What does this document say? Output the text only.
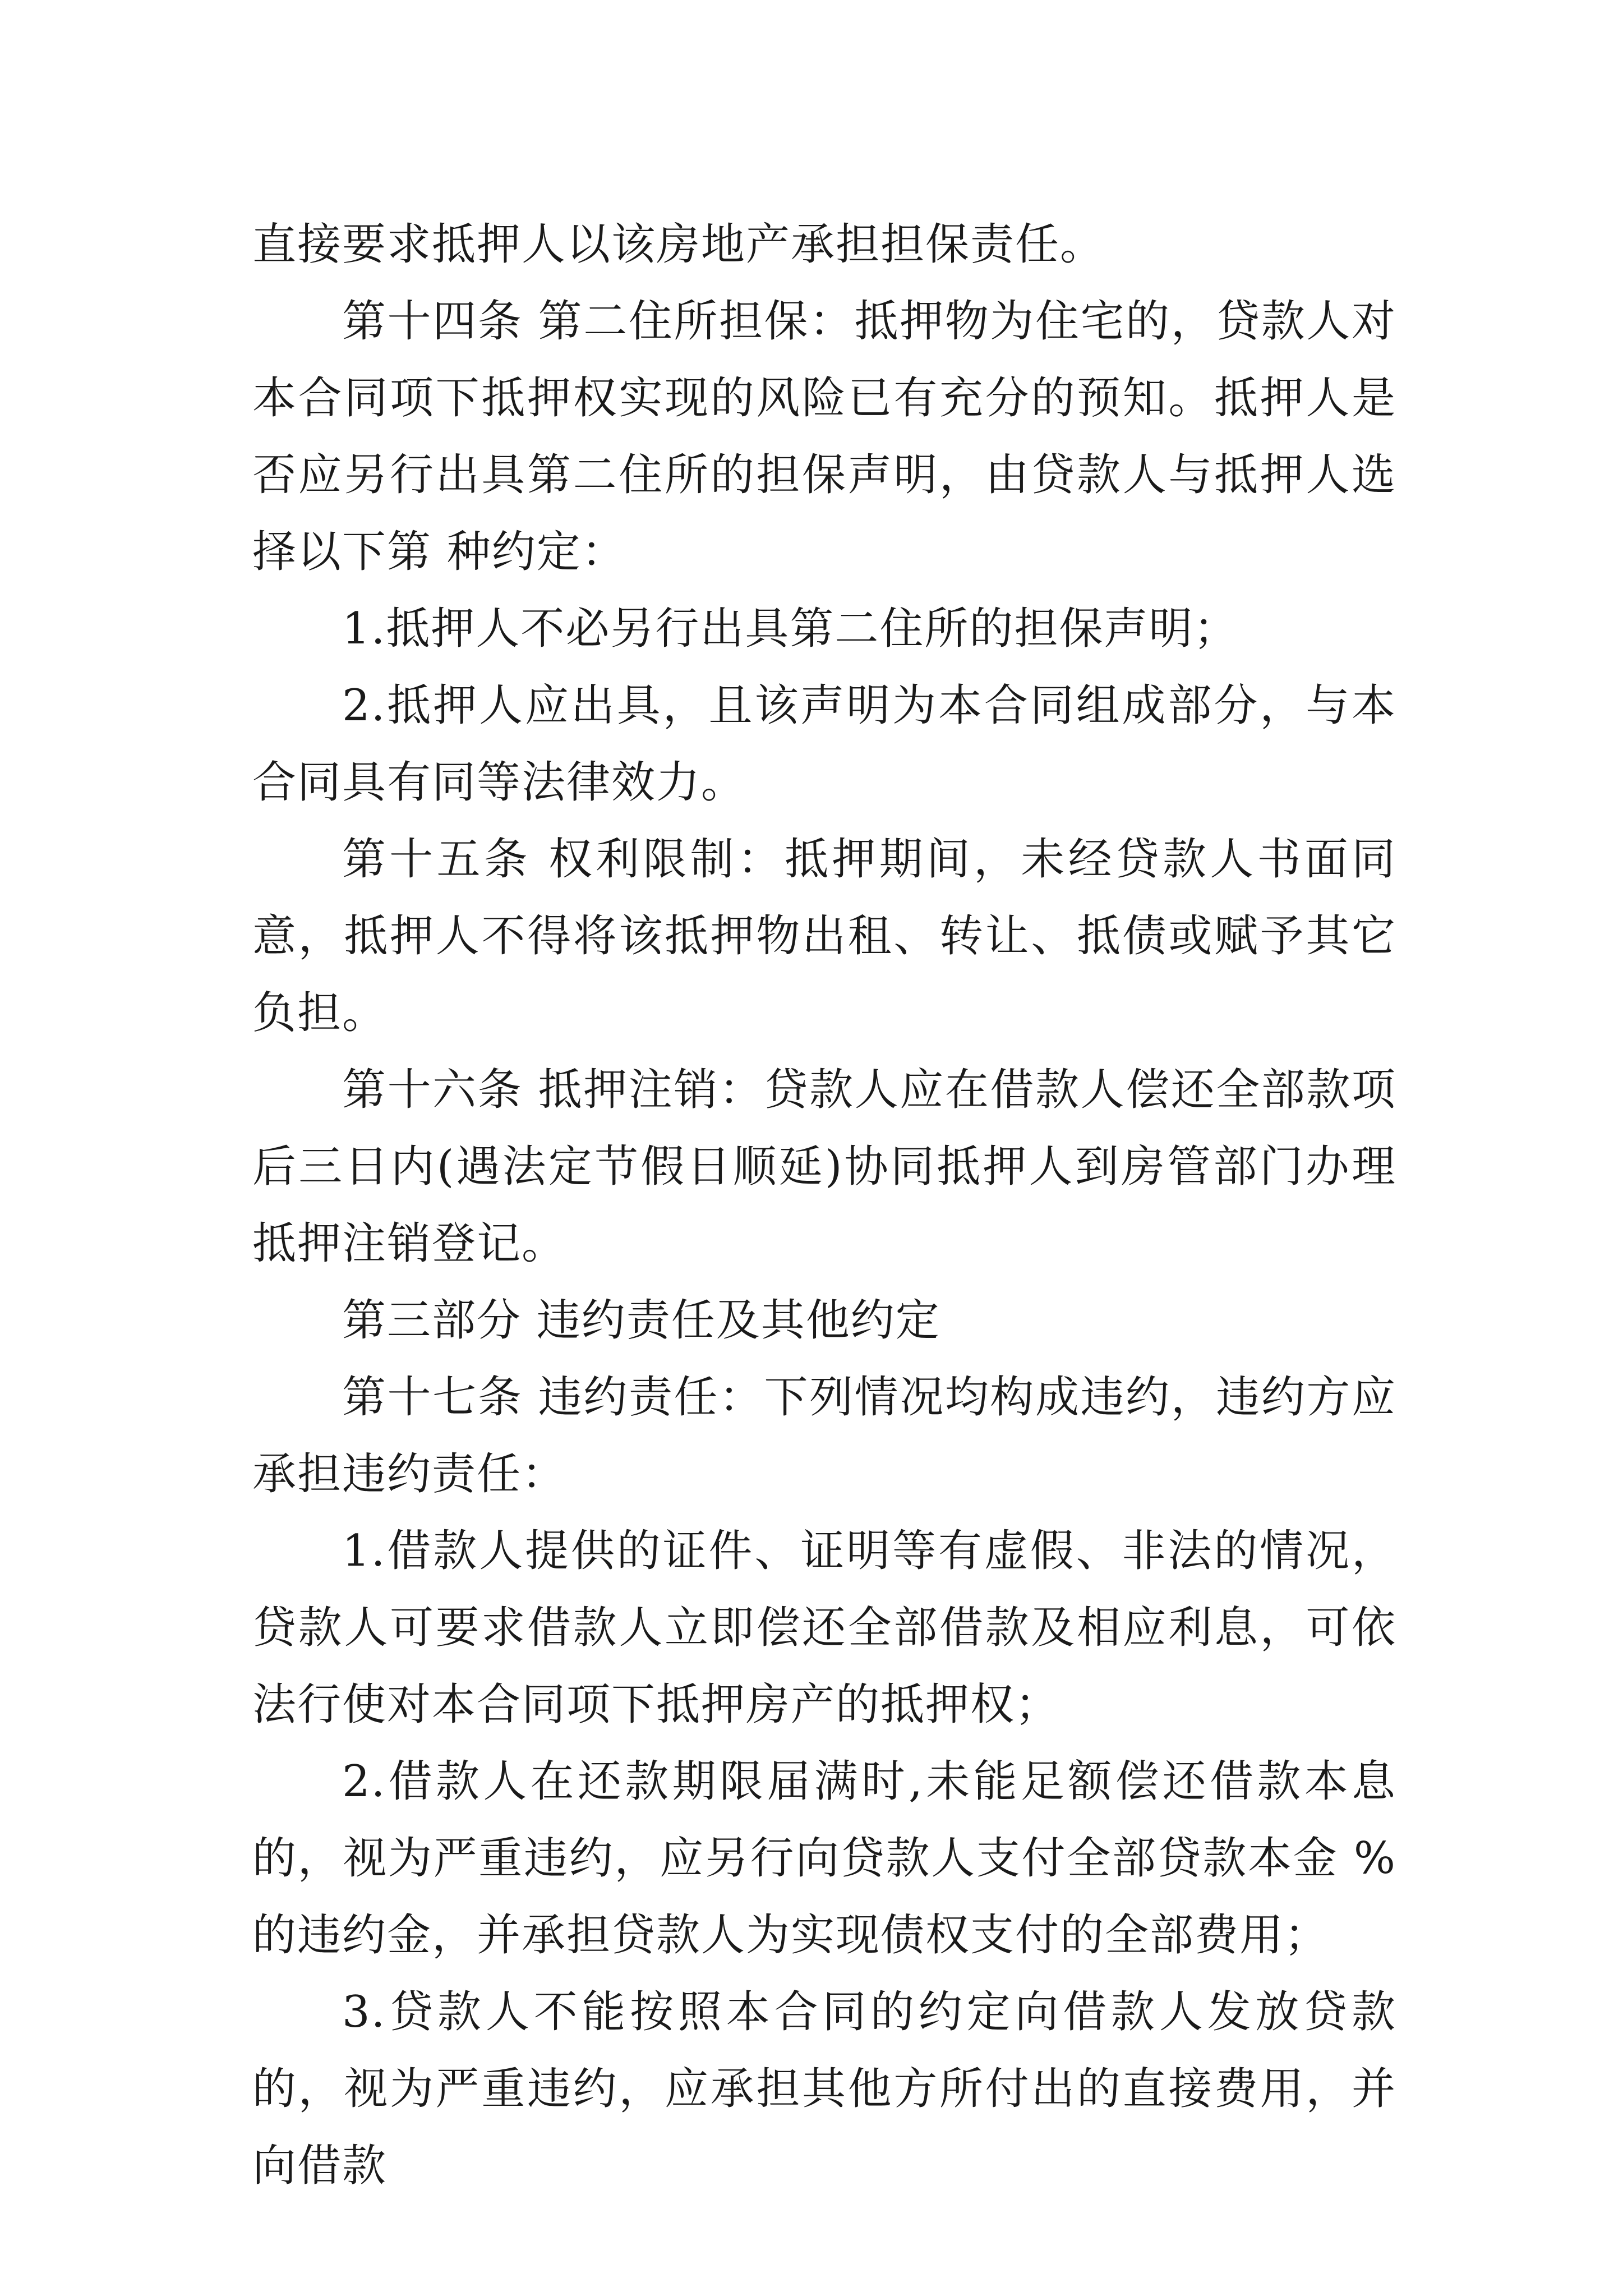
直接要求抵押人以该房地产承担担保责任。

第十四条 第二住所担保：抵押物为住宅的，贷款人对本合同项下抵押权实现的风险已有充分的预知。抵押人是否应另行出具第二住所的担保声明，由贷款人与抵押人选择以下第 种约定：

1.抵押人不必另行出具第二住所的担保声明；

2.抵押人应出具，且该声明为本合同组成部分，与本合同具有同等法律效力。

第十五条 权利限制：抵押期间，未经贷款人书面同意，抵押人不得将该抵押物出租、转让、抵债或赋予其它负担。

第十六条 抵押注销：贷款人应在借款人偿还全部款项后三日内(遇法定节假日顺延)协同抵押人到房管部门办理抵押注销登记。

第三部分 违约责任及其他约定

第十七条 违约责任：下列情况均构成违约，违约方应承担违约责任：

1.借款人提供的证件、证明等有虚假、非法的情况，贷款人可要求借款人立即偿还全部借款及相应利息，可依法行使对本合同项下抵押房产的抵押权；

2.借款人在还款期限届满时,未能足额偿还借款本息的，视为严重违约，应另行向贷款人支付全部贷款本金 %的违约金，并承担贷款人为实现债权支付的全部费用；

3.贷款人不能按照本合同的约定向借款人发放贷款的，视为严重违约，应承担其他方所付出的直接费用，并向借款
